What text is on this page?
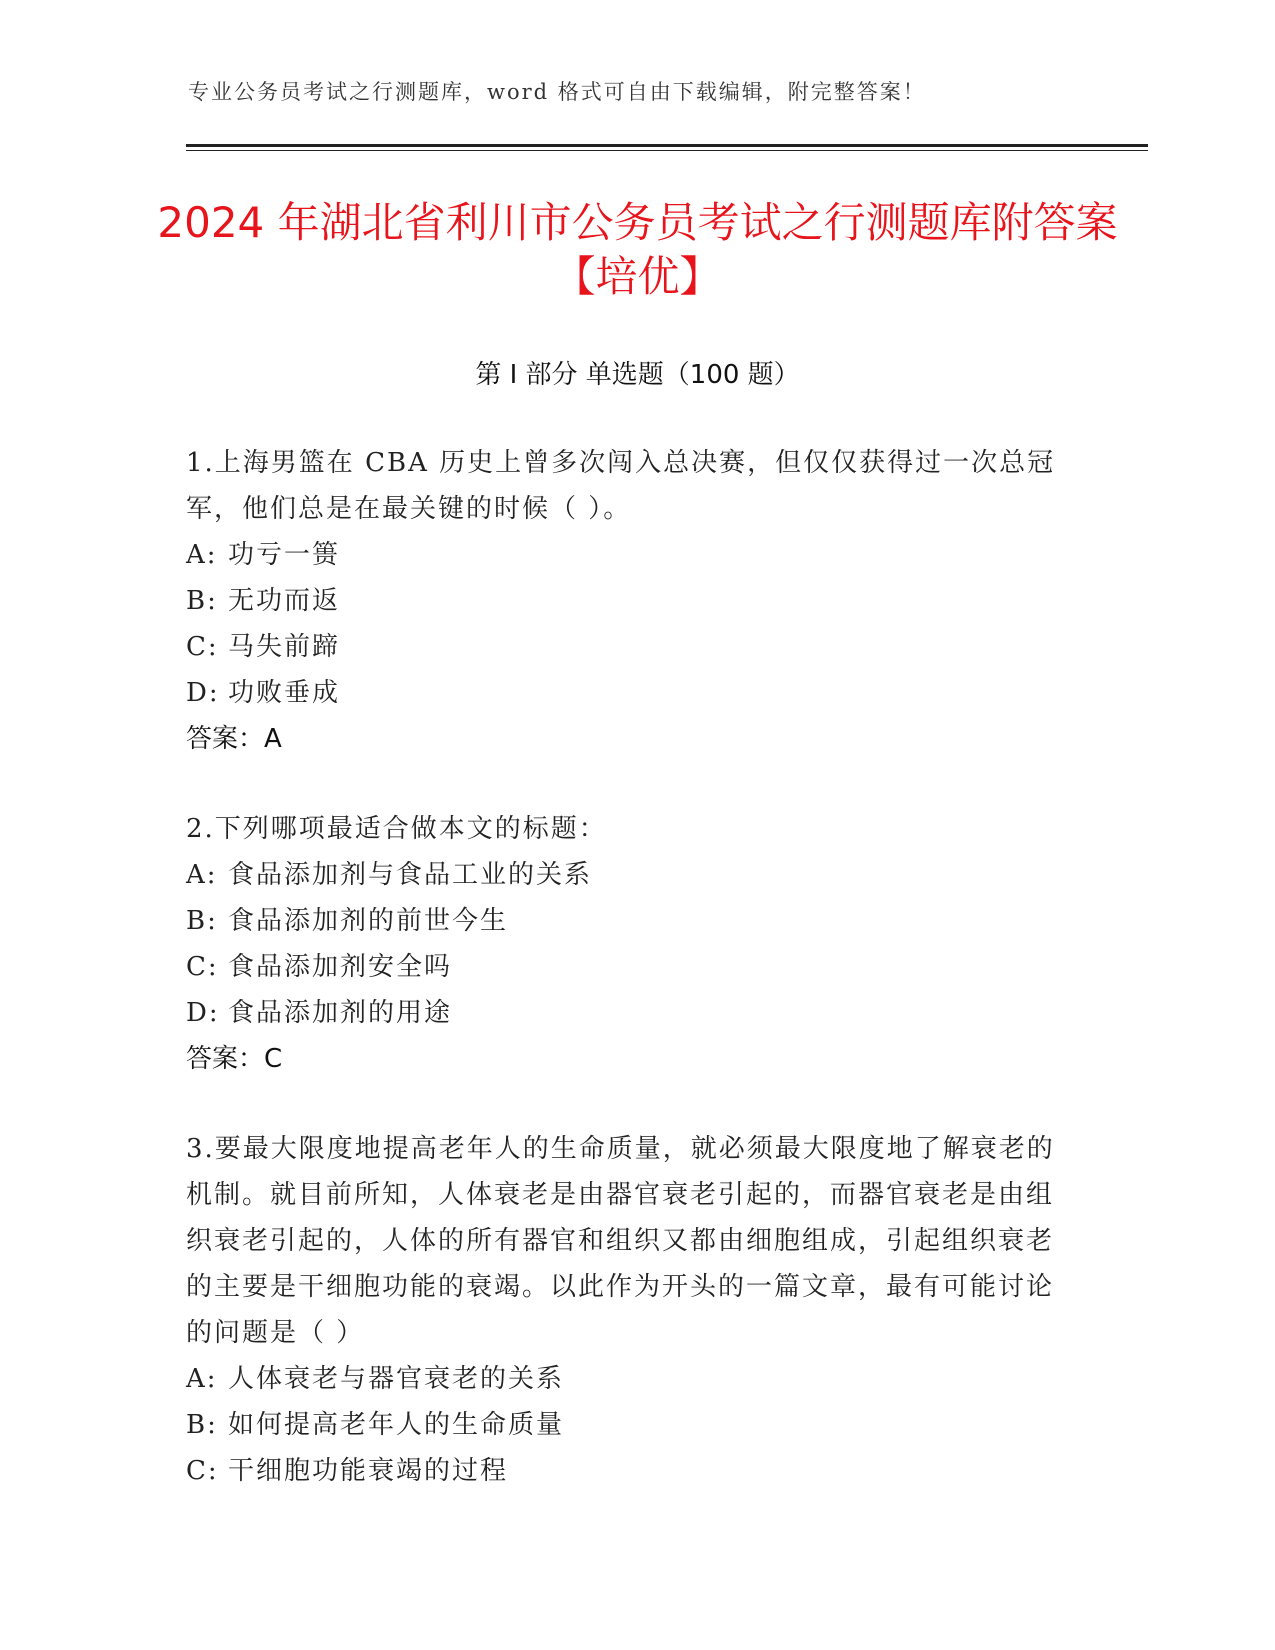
专业公务员考试之行测题库，word 格式可自由下载编辑，附完整答案！
2024 年湖北省利川市公务员考试之行测题库附答案【培优】
第 I 部分 单选题（100 题）

1.上海男篮在 CBA 历史上曾多次闯入总决赛，但仅仅获得过一次总冠军，他们总是在最关键的时候（ ）。

A: 功亏一篑
B: 无功而返
C: 马失前蹄
D: 功败垂成
答案：A

2.下列哪项最适合做本文的标题：

A: 食品添加剂与食品工业的关系
B: 食品添加剂的前世今生
C: 食品添加剂安全吗
D: 食品添加剂的用途
答案：C

3.要最大限度地提高老年人的生命质量，就必须最大限度地了解衰老的机制。就目前所知，人体衰老是由器官衰老引起的，而器官衰老是由组织衰老引起的，人体的所有器官和组织又都由细胞组成，引起组织衰老的主要是干细胞功能的衰竭。以此作为开头的一篇文章，最有可能讨论的问题是（ ）

A: 人体衰老与器官衰老的关系
B: 如何提高老年人的生命质量
C: 干细胞功能衰竭的过程
